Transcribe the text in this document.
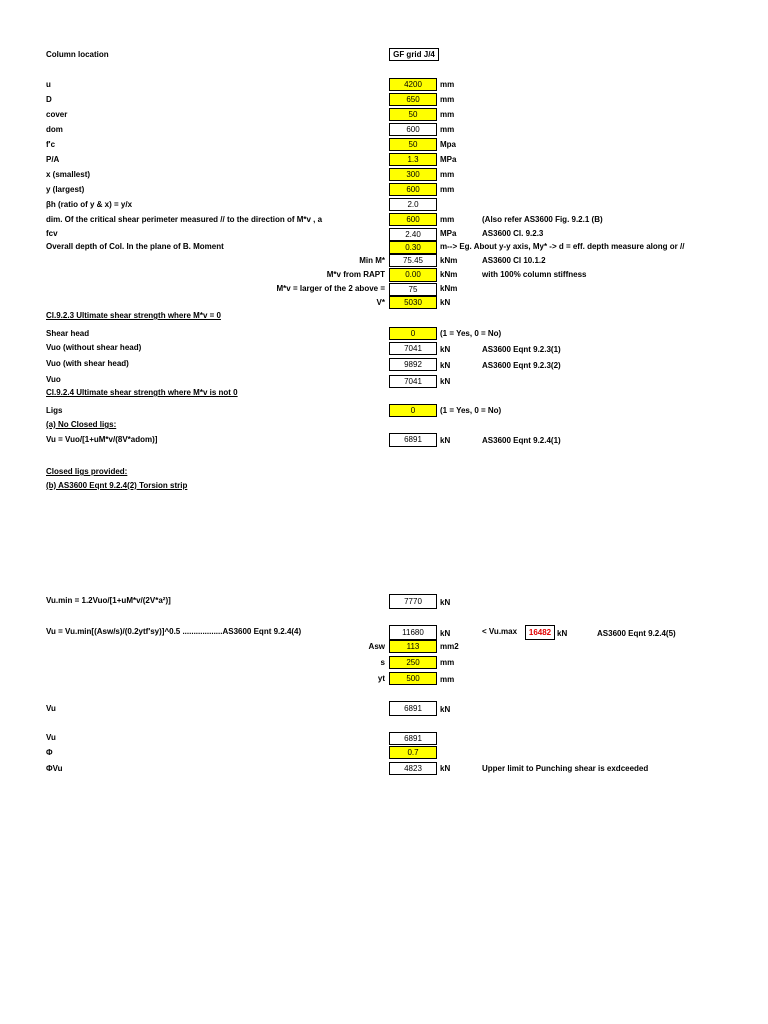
Column location	GF grid J/4
u	4200	mm
D	650	mm
cover	50	mm
dom	600	mm
f'c	50	Mpa
P/A	1.3	MPa
x (smallest)	300	mm
y (largest)	600	mm
βh (ratio of y & x) = y/x	2.0
dim. Of the critical shear perimeter measured // to the direction of M*v , a	600	mm	(Also refer AS3600 Fig. 9.2.1 (B)
fcv	2.40	MPa	AS3600 Cl. 9.2.3
Overall depth of Col. In the plane of B. Moment	0.30	m--> Eg. About y-y axis, My* -> d = eff. depth measure along or //
Min M*	75.45	kNm	AS3600 Cl 10.1.2
M*v from RAPT	0.00	kNm	with 100% column stiffness
M*v = larger of the 2 above =	75	kNm
V*	5030	kN
Cl.9.2.3 Ultimate shear strength where M*v = 0
Shear head	0	(1 = Yes, 0 = No)
Vuo (without shear head)	7041	kN	AS3600 Eqnt 9.2.3(1)
Vuo (with shear head)	9892	kN	AS3600 Eqnt 9.2.3(2)
Vuo	7041	kN
Cl.9.2.4 Ultimate shear strength where M*v is not 0
Ligs	0	(1 = Yes, 0 = No)
(a) No Closed ligs:
Vu = Vuo/[1+uM*v/(8V*adom)]	6891	kN	AS3600 Eqnt 9.2.4(1)
Closed ligs provided:
(b) AS3600 Eqnt 9.2.4(2) Torsion strip
Vu.min = 1.2Vuo/[1+uM*v/(2V*a²)]	7770	kN
Vu = Vu.min[(Asw/s)/(0.2ytf'sy)]^0.5 ..................AS3600 Eqnt 9.2.4(4)	11680	kN	< Vu.max	16482 kN	AS3600 Eqnt 9.2.4(5)
Asw	113	mm2
s	250	mm
yt	500	mm
Vu	6891	kN
Vu	6891
Φ	0.7
ΦVu	4823	kN	Upper limit to Punching shear is exdceeded
